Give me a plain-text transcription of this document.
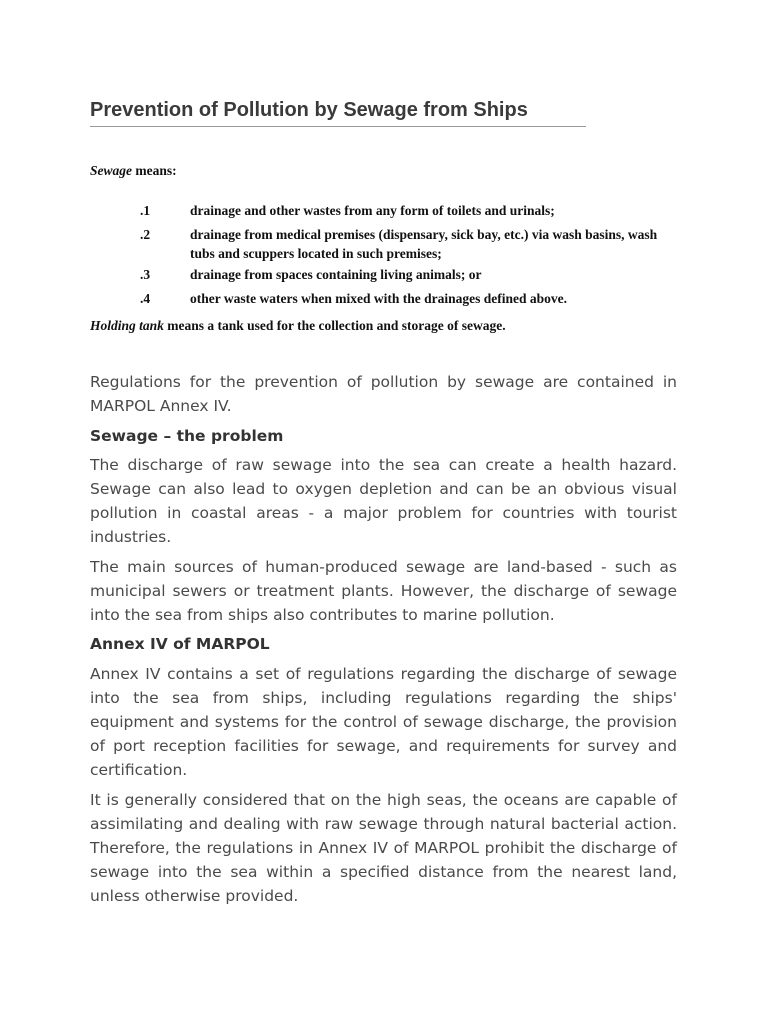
Prevention of Pollution by Sewage from Ships

Sewage means:

.1	drainage and other wastes from any form of toilets and urinals;
.2	drainage from medical premises (dispensary, sick bay, etc.) via wash basins, wash tubs and scuppers located in such premises;
.3	drainage from spaces containing living animals; or
.4	other waste waters when mixed with the drainages defined above.

Holding tank means a tank used for the collection and storage of sewage.

Regulations for the prevention of pollution by sewage are contained in MARPOL Annex IV.

Sewage – the problem

The discharge of raw sewage into the sea can create a health hazard. Sewage can also lead to oxygen depletion and can be an obvious visual pollution in coastal areas - a major problem for countries with tourist industries.

The main sources of human-produced sewage are land-based - such as municipal sewers or treatment plants. However, the discharge of sewage into the sea from ships also contributes to marine pollution.

Annex IV of MARPOL

Annex IV contains a set of regulations regarding the discharge of sewage into the sea from ships, including regulations regarding the ships' equipment and systems for the control of sewage discharge, the provision of port reception facilities for sewage, and requirements for survey and certification.

It is generally considered that on the high seas, the oceans are capable of assimilating and dealing with raw sewage through natural bacterial action. Therefore, the regulations in Annex IV of MARPOL prohibit the discharge of sewage into the sea within a specified distance from the nearest land, unless otherwise provided.
